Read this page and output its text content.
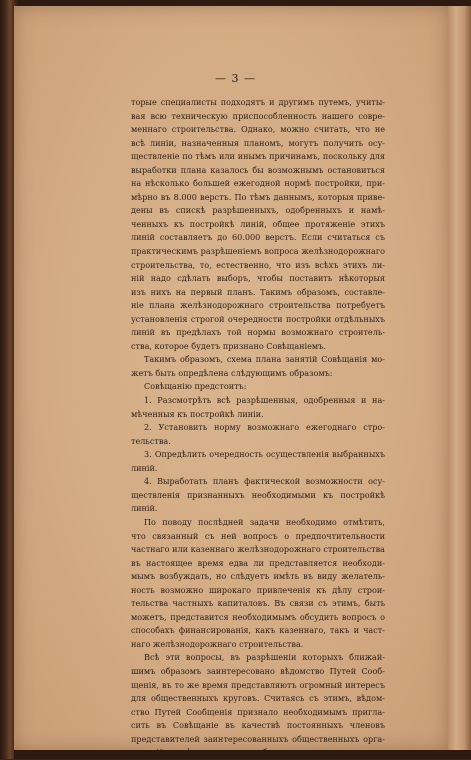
— 3 —
торые специалисты подходятъ и другимъ путемъ, учиты-
вая всю техническую приспособленность нашего совре-
меннаго строительства. Однако, можно считать, что не
всѣ линіи, назначенныя планомъ, могутъ получить осу-
ществленіе по тѣмъ или инымъ причинамъ, поскольку для
выработки плана казалось бы возможнымъ остановиться
на нѣсколько большей ежегодной нормѣ постройки, при-
мѣрно въ 8.000 верстъ. По тѣмъ даннымъ, которыя приве-
дены въ спискѣ разрѣшенныхъ, одобренныхъ и намѣ-
ченныхъ къ постройкѣ линій, общее протяженіе этихъ
линій составляетъ до 60.000 верстъ. Если считаться съ
практическимъ разрѣшеніемъ вопроса желѣзнодорожнаго
строительства, то, естественно, что изъ всѣхъ этихъ ли-
ній надо сдѣлать выборъ, чтобы поставить нѣкоторыя
изъ нихъ на первый планъ. Такимъ образомъ, составле-
ніе плана желѣзнодорожнаго строительства потребуетъ
установленія строгой очередности постройки отдѣльныхъ
линій въ предѣлахъ той нормы возможнаго строитель-
ства, которое будетъ признано Совѣщаніемъ.
Такимъ образомъ, схема плана занятій Совѣщанія мо-
жетъ быть опредѣлена слѣдующимъ образомъ:
Совѣщанію предстоитъ:
1. Разсмотрѣть всѣ разрѣшенныя, одобренныя и на-
мѣченныя къ постройкѣ линіи.
2. Установить норму возможнаго ежегоднаго стро-
тельства.
3. Опредѣлить очередность осуществленія выбранныхъ
линій.
4. Выработать планъ фактической возможности осу-
ществленія признанныхъ необходимыми къ постройкѣ
линій.
По поводу послѣдней задачи необходимо отмѣтить,
что связанный съ ней вопросъ о предпочтительности
частнаго или казеннаго желѣзнодорожнаго строительства
въ настоящее время едва ли представляется необходи-
мымъ возбуждать, но слѣдуетъ имѣть въ виду желатель-
ность возможно широкаго привлеченія къ дѣлу строи-
тельства частныхъ капиталовъ. Въ связи съ этимъ, быть
можетъ, представится необходимымъ обсудить вопросъ о
способахъ финансированія, какъ казеннаго, такъ и част-
наго желѣзнодорожнаго строительства.
Всѣ эти вопросы, въ разрѣшеніи которыхъ ближай-
шимъ образомъ заинтересовано вѣдомство Путей Сооб-
щенія, въ то же время представляютъ огромный интересъ
для общественныхъ круговъ. Считаясь съ этимъ, вѣдом-
ство Путей Сообщенія признало необходимымъ пригла-
сить въ Совѣщаніе въ качествѣ постоянныхъ членовъ
представителей заинтересованныхъ общественныхъ орга-
низацій, желѣзнодорожныхъ обществъ и науки.
